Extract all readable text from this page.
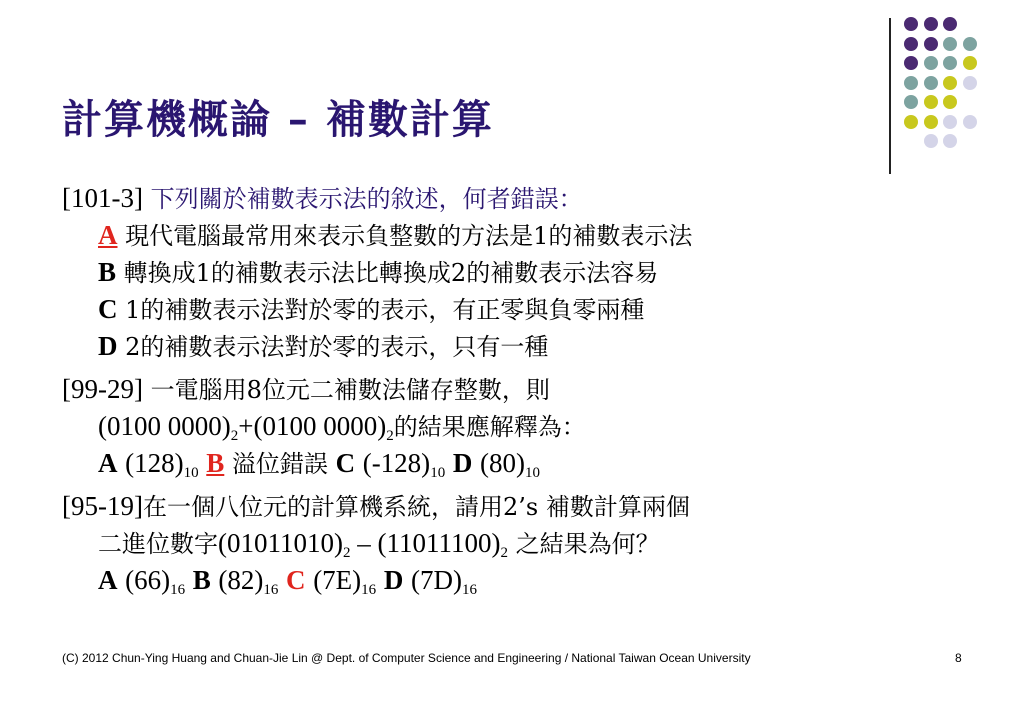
計算機概論 – 補數計算
[101-3] 下列關於補數表示法的敘述，何者錯誤：
A 現代電腦最常用來表示負整數的方法是1的補數表示法
B 轉換成1的補數表示法比轉換成2的補數表示法容易
C 1的補數表示法對於零的表示，有正零與負零兩種
D 2的補數表示法對於零的表示，只有一種
[99-29] 一電腦用8位元二補數法儲存整數，則
(0100 $0000)_2+(0100$ $0000)_2$的結果應解釋為：
A $(128)_{10}$ B 溢位錯誤 C $(-128)_{10}$ D $(80)_{10}$
[95-19]在一個八位元的計算機系統，請用2’s 補數計算兩個
二進位數字$(01011010)_2 - (11011100)_2$ 之結果為何？
A $(66)_{16}$ B $(82)_{16}$ C $(7E)_{16}$ D $(7D)_{16}$
(C) 2012 Chun-Ying Huang and Chuan-Jie Lin @ Dept. of Computer Science and Engineering / National Taiwan Ocean University	8
